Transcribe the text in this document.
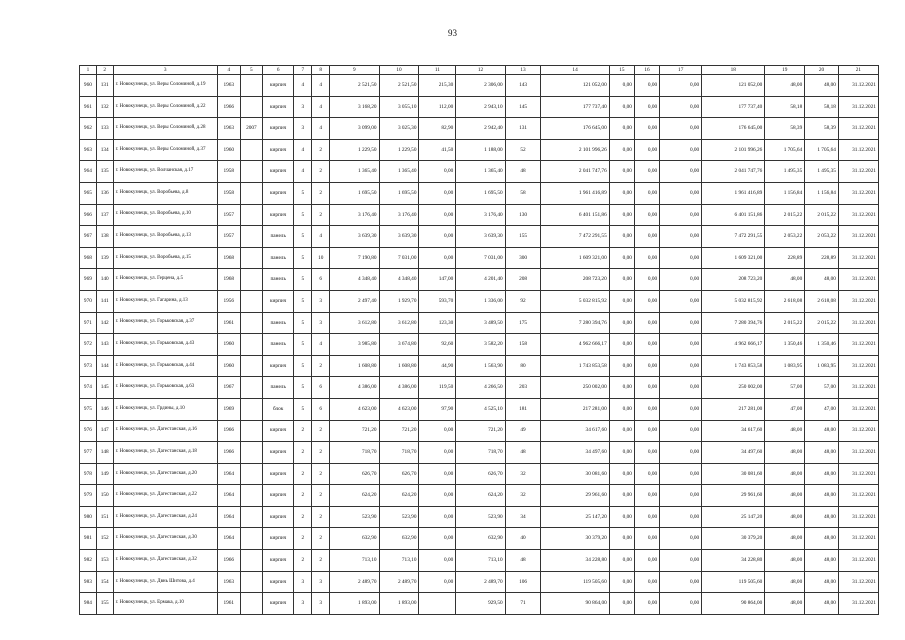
93
1	2	3	4	5	6	7	8	9	10	11	12	13	14	15	16	17	18	19	20	21
960	131	г. Новокузнецк, ул. Веры Соломиной, д.19	1963		кирпич	4	4	2 521,50	2 521,50	215,30	2 306,00	143	121 052,00	0,00	0,00	0,00	121 052,00	48,00	48,00	31.12.2021
961	132	г. Новокузнецк, ул. Веры Соломиной, д.22	1966		кирпич	3	4	3 168,20	3 055,10	112,00	2 943,10	145	177 737,40	0,00	0,00	0,00	177 737,40	58,18	58,18	31.12.2021
962	133	г. Новокузнецк, ул. Веры Соломиной, д.28	1963	2007	кирпич	3	4	3 099,00	3 025,30	82,90	2 942,40	131	176 645,00	0,00	0,00	0,00	176 645,00	58,39	58,39	31.12.2021
963	134	г. Новокузнецк, ул. Веры Соломиной, д.37	1960		кирпич	4	2	1 229,50	1 229,50	41,50	1 188,00	52	2 101 996,26	0,00	0,00	0,00	2 101 996,26	1 705,64	1 705,64	31.12.2021
964	135	г. Новокузнецк, ул. Волчанская, д.17	1958		кирпич	4	2	1 365,40	1 365,40	0,00	1 365,40	48	2 041 747,76	0,00	0,00	0,00	2 041 747,76	1 495,35	1 495,35	31.12.2021
965	136	г. Новокузнецк, ул. Воробьева, д.8	1958		кирпич	5	2	1 695,50	1 695,50	0,00	1 695,50	58	1 961 416,89	0,00	0,00	0,00	1 961 416,89	1 156,84	1 156,84	31.12.2021
966	137	г. Новокузнецк, ул. Воробьева, д.10	1957		кирпич	5	2	3 176,40	3 176,40	0,00	3 176,40	130	6 401 151,86	0,00	0,00	0,00	6 401 151,86	2 015,22	2 015,22	31.12.2021
967	138	г. Новокузнецк, ул. Воробьева, д.13	1957		панель	5	4	3 639,30	3 639,30	0,00	3 639,30	155	7 472 291,55	0,00	0,00	0,00	7 472 291,55	2 053,22	2 053,22	31.12.2021
968	139	г. Новокузнецк, ул. Воробьева, д.15	1968		панель	5	10	7 190,80	7 031,00	0,00	7 031,00	300	1 609 321,00	0,00	0,00	0,00	1 609 321,00	228,89	228,89	31.12.2021
969	140	г. Новокузнецк, ул. Герцена, д.5	1968		панель	5	6	4 348,40	4 348,40	147,00	4 201,40	208	208 723,20	0,00	0,00	0,00	208 723,20	48,00	48,00	31.12.2021
970	141	г. Новокузнецк, ул. Гагарина, д.13	1956		кирпич	5	3	2 497,40	1 929,70	593,70	1 336,00	92	5 032 815,92	0,00	0,00	0,00	5 032 815,92	2 618,08	2 618,08	31.12.2021
971	142	г. Новокузнецк, ул. Горьковская, д.37	1961		панель	5	3	3 612,80	3 612,80	123,30	3 489,50	175	7 280 394,76	0,00	0,00	0,00	7 280 394,76	2 015,22	2 015,22	31.12.2021
972	143	г. Новокузнецк, ул. Горьковская, д.43	1960		панель	5	4	3 985,80	3 674,80	92,60	3 582,20	158	4 962 666,17	0,00	0,00	0,00	4 962 666,17	1 350,46	1 350,46	31.12.2021
973	144	г. Новокузнецк, ул. Горьковская, д.44	1960		кирпич	5	2	1 608,80	1 608,80	44,90	1 563,90	80	1 743 853,58	0,00	0,00	0,00	1 743 853,58	1 083,95	1 083,95	31.12.2021
974	145	г. Новокузнецк, ул. Горьковская, д.63	1967		панель	5	6	4 386,00	4 386,00	119,50	4 266,50	203	250 002,00	0,00	0,00	0,00	250 002,00	57,00	57,00	31.12.2021
975	146	г. Новокузнецк, ул. Грдины, д.10	1969		блок	5	6	4 623,00	4 623,00	97,90	4 525,10	181	217 281,00	0,00	0,00	0,00	217 281,00	47,00	47,00	31.12.2021
976	147	г. Новокузнецк, ул. Дагестанская, д.16	1966		кирпич	2	2	721,20	721,20	0,00	721,20	49	34 617,60	0,00	0,00	0,00	34 617,60	48,00	48,00	31.12.2021
977	148	г. Новокузнецк, ул. Дагестанская, д.18	1966		кирпич	2	2	718,70	718,70	0,00	718,70	48	34 497,60	0,00	0,00	0,00	34 497,60	48,00	48,00	31.12.2021
978	149	г. Новокузнецк, ул. Дагестанская, д.20	1964		кирпич	2	2	626,70	626,70	0,00	626,70	32	30 081,60	0,00	0,00	0,00	30 081,60	48,00	48,00	31.12.2021
979	150	г. Новокузнецк, ул. Дагестанская, д.22	1964		кирпич	2	2	624,20	624,20	0,00	624,20	32	29 961,60	0,00	0,00	0,00	29 961,60	48,00	48,00	31.12.2021
980	151	г. Новокузнецк, ул. Дагестанская, д.24	1964		кирпич	2	2	523,90	523,90	0,00	523,90	34	25 147,20	0,00	0,00	0,00	25 147,20	48,00	48,00	31.12.2021
981	152	г. Новокузнецк, ул. Дагестанская, д.30	1964		кирпич	2	2	632,90	632,90	0,00	632,90	40	30 379,20	0,00	0,00	0,00	30 379,20	48,00	48,00	31.12.2021
982	153	г. Новокузнецк, ул. Дагестанская, д.32	1966		кирпич	2	2	713,10	713,10	0,00	713,10	48	34 228,80	0,00	0,00	0,00	34 228,80	48,00	48,00	31.12.2021
983	154	г. Новокузнецк, ул. Двнь Шитова, д.4	1963		кирпич	3	3	2 489,70	2 489,70	0,00	2 489,70	106	119 505,60	0,00	0,00	0,00	119 505,60	48,00	48,00	31.12.2021
984	155	г. Новокузнецк, ул. Ермака, д.10	1961		кирпич	3	3	1 893,00	1 893,00		929,50	71	90 864,00	0,00	0,00	0,00	90 864,00	48,00	48,00	31.12.2021
